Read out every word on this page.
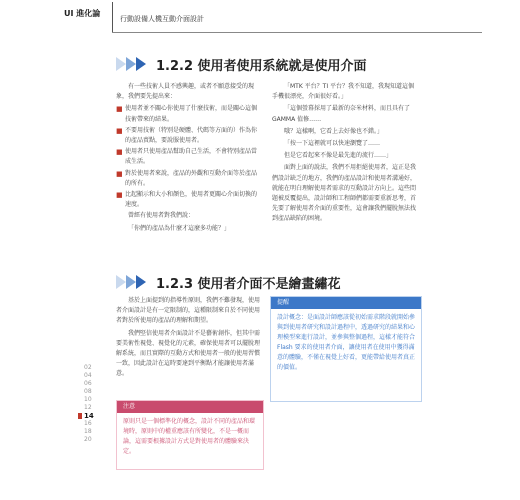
UI 進化論
行動設備人機互動介面設計
1.2.2 使用者使用系統就是使用介面

有一些技術人員不感興趣，或者不願意接受的現象，我們要先提出來：

■ 使用者並不關心你使用了什麼技術，而是關心這個技術帶來的結果。
■ 不要用技術（特別是硬體、代碼等方面的）作為你的產品賣點，要說服使用者。
■ 使用者只使用產品幫助自己生活，不會特別產品當成生活。
■ 對於使用者來說，產品的外觀和互動介面等於產品的所有。
■ 比起顯示和大小和顏色，使用者更關心介面切換的速度。

曾經有使用者對我們說：

「你們的產品為什麼才這麼多功能？」

「MTK 平台？TI 平台？我不知道，我現知道這個手機很漂亮，介面很好看。」

「這個螢幕採用了最新的奈米材料，而且具有了 GAMMA 值修……

哦？這樣啊，它看上去好像也不錯。」

「按一下這裡就可以快速瀏覽了……

但是它看起來不像是最先進的流行……」

面對上面的說法，我們不用拒絕使用者，這正是我們設計缺乏的地方，我們的產品設計和使用者溝通好，就能在明白理解使用者需求的互動設計方向上。這些問題被反覆提出，設計師和工程師們都需要重新思考，首先要了解使用者介面的重要性，這會讓我們擺脫無法找到產品缺陷的困境。

1.2.3 使用者介面不是繪畫繡花

基於上面提到的指導性原則，我們不難發現，使用者介面設計是有一定限制的，這種限制來自於不同使用者對於所使用的產品的理解和期望。

我們堅信使用者介面設計不是藝術創作，但其中需要美術性視覺、視覺化的元素，確保使用者可以擺脫理解系統，而且實際的互動方式和使用者一般的使用習慣一致，因此設計在這時要達到平衡點才能讓使用者滿意。

注意
原則只是一個標準化的概念，設計不同的產品和環境時，原則中的權重應該有所變化，不是一概而論，這需要根據設計方式是對使用者的體驗來決定。
提醒
設計概念：是面設計師應該從初始需求階段就開始參與到使用者研究和設計過程中，透過研究的結果和心理模型來進行設計，並參與整個過程，這樣才能符合 Flash 要求的使用者介面，讓使用者在使用中獲得滿意的體驗，不僅在視覺上好看，更能帶給使用者真正的價值。
02
04
06
08
10
12
14
16
18
20
